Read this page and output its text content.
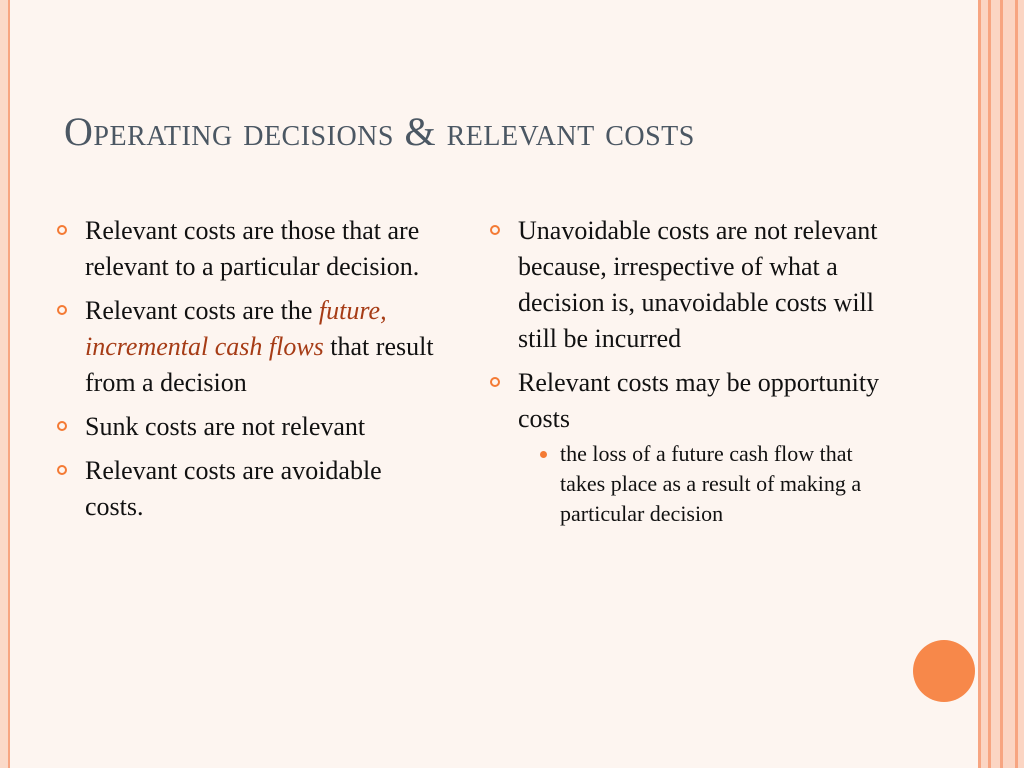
Operating decisions & relevant costs
Relevant costs are those that are relevant to a particular decision.
Relevant costs are the future, incremental cash flows that result from a decision
Sunk costs are not relevant
Relevant costs are avoidable costs.
Unavoidable costs are not relevant because, irrespective of what a decision is, unavoidable costs will still be incurred
Relevant costs may be opportunity costs
the loss of a future cash flow that takes place as a result of making a particular decision
